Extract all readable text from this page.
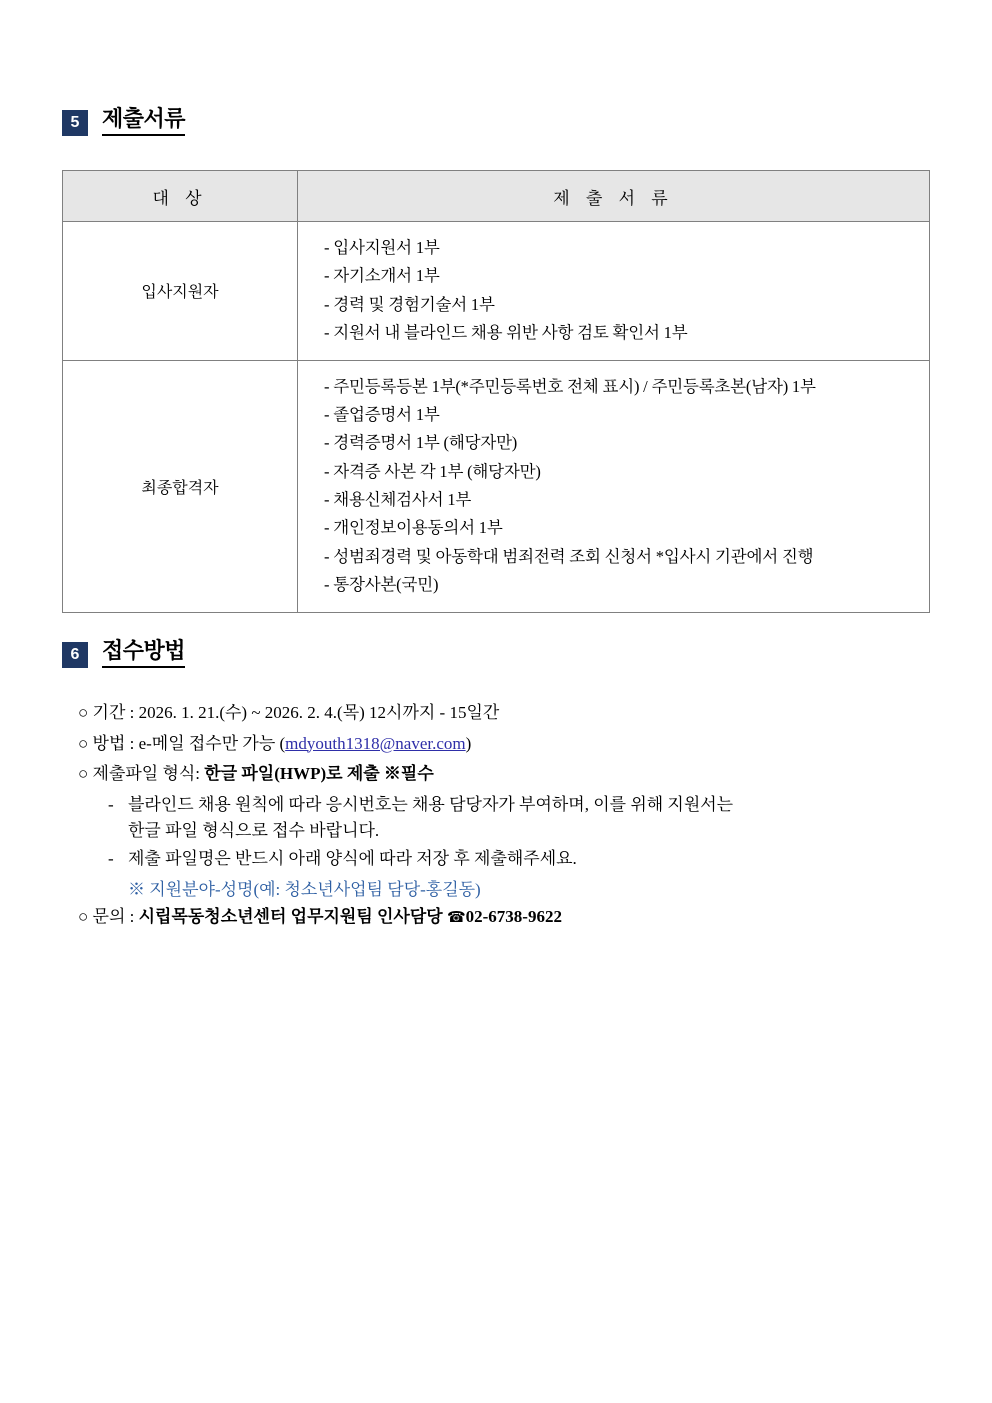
5	제출서류
대 상	제 출 서 류
입사지원자	- 입사지원서 1부
- 자기소개서 1부
- 경력 및 경험기술서 1부
- 지원서 내 블라인드 채용 위반 사항 검토 확인서 1부

최종합격자	
- 주민등록등본 1부(*주민등록번호 전체 표시) / 주민등록초본(남자) 1부
- 졸업증명서 1부
- 경력증명서 1부 (해당자만)
- 자격증 사본 각 1부 (해당자만)
- 채용신체검사서 1부
- 개인정보이용동의서 1부
- 성범죄경력 및 아동학대 범죄전력 조회 신청서 *입사시 기관에서 진행
- 통장사본(국민)
6	접수방법
○ 기간 : 2026. 1. 21.(수) ~ 2026. 2. 4.(목) 12시까지 - 15일간
○ 방법 : e-메일 접수만 가능 (mdyouth1318@naver.com)
○ 제출파일 형식: 한글 파일(HWP)로 제출 ※필수
- 블라인드 채용 원칙에 따라 응시번호는 채용 담당자가 부여하며, 이를 위해 지원서는
한글 파일 형식으로 접수 바랍니다.
- 제출 파일명은 반드시 아래 양식에 따라 저장 후 제출해주세요.
※ 지원분야-성명(예: 청소년사업팀 담당-홍길동)
○ 문의 : 시립목동청소년센터 업무지원팀 인사담당 ☎02-6738-9622
